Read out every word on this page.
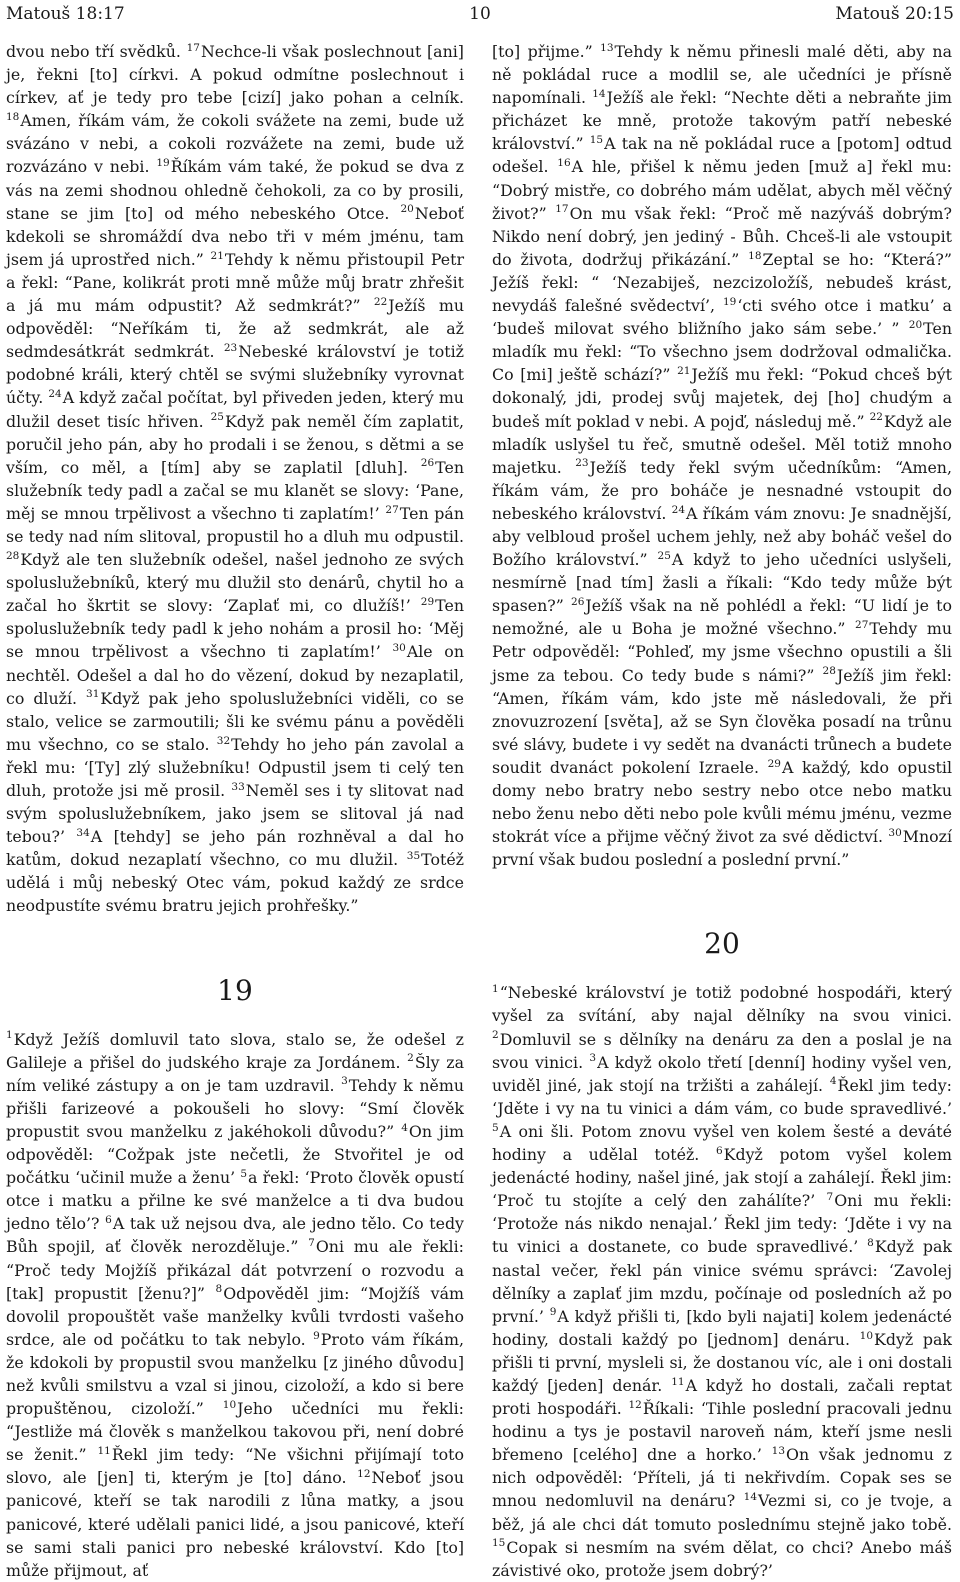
Matouš 18:17	10	Matouš 20:15

dvou nebo tří svědků. $^{17}$Nechce-li však poslechnout [ani] je, řekni [to] církvi. A pokud odmítne poslechnout i církev, ať je tedy pro tebe [cizí] jako pohan a celník. $^{18}$Amen, říkám vám, že cokoli svážete na zemi, bude už svázáno v nebi, a cokoli rozvážete na zemi, bude už rozvázáno v nebi. $^{19}$Říkám vám také, že pokud se dva z vás na zemi shodnou ohledně čehokoli, za co by prosili, stane se jim [to] od mého nebeského Otce. $^{20}$Neboť kdekoli se shromáždí dva nebo tři v mém jménu, tam jsem já uprostřed nich.” $^{21}$Tehdy k němu přistoupil Petr a řekl: “Pane, kolikrát proti mně může můj bratr zhřešit a já mu mám odpustit? Až sedmkrát?” $^{22}$Ježíš mu odpověděl: “Neříkám ti, že až sedmkrát, ale až sedmdesátkrát sedmkrát. $^{23}$Nebeské království je totiž podobné králi, který chtěl se svými služebníky vyrovnat účty. $^{24}$A když začal počítat, byl přiveden jeden, který mu dlužil deset tisíc hřiven. $^{25}$Když pak neměl čím zaplatit, poručil jeho pán, aby ho prodali i se ženou, s dětmi a se vším, co měl, a [tím] aby se zaplatil [dluh]. $^{26}$Ten služebník tedy padl a začal se mu klanět se slovy: ‘Pane, měj se mnou trpělivost a všechno ti zaplatím!’ $^{27}$Ten pán se tedy nad ním slitoval, propustil ho a dluh mu odpustil. $^{28}$Když ale ten služebník odešel, našel jednoho ze svých spoluslužebníků, který mu dlužil sto denárů, chytil ho a začal ho škrtit se slovy: ‘Zaplať mi, co dlužíš!’ $^{29}$Ten spoluslužebník tedy padl k jeho nohám a prosil ho: ‘Měj se mnou trpělivost a všechno ti zaplatím!’ $^{30}$Ale on nechtěl. Odešel a dal ho do vězení, dokud by nezaplatil, co dluží. $^{31}$Když pak jeho spoluslužebníci viděli, co se stalo, velice se zarmoutili; šli ke svému pánu a pověděli mu všechno, co se stalo. $^{32}$Tehdy ho jeho pán zavolal a řekl mu: ‘[Ty] zlý služebníku! Odpustil jsem ti celý ten dluh, protože jsi mě prosil. $^{33}$Neměl ses i ty slitovat nad svým spoluslužebníkem, jako jsem se slitoval já nad tebou?’ $^{34}$A [tehdy] se jeho pán rozhněval a dal ho katům, dokud nezaplatí všechno, co mu dlužil. $^{35}$Totéž udělá i můj nebeský Otec vám, pokud každý ze srdce neodpustíte svému bratru jejich prohřešky.”

19

$^1$Když Ježíš domluvil tato slova, stalo se, že odešel z Galileje a přišel do judského kraje za Jordánem. $^2$Šly za ním veliké zástupy a on je tam uzdravil. $^3$Tehdy k němu přišli farizeové a pokoušeli ho slovy: “Smí člověk propustit svou manželku z jakéhokoli důvodu?” $^4$On jim odpověděl: “Cožpak jste nečetli, že Stvořitel je od počátku ‘učinil muže a ženu’ $^5$a řekl: ‘Proto člověk opustí otce i matku a přilne ke své manželce a ti dva budou jedno tělo’? $^6$A tak už nejsou dva, ale jedno tělo. Co tedy Bůh spojil, ať člověk nerozděluje.” $^7$Oni mu ale řekli: “Proč tedy Mojžíš přikázal dát potvrzení o rozvodu a [tak] propustit [ženu?]” $^8$Odpověděl jim: “Mojžíš vám dovolil propouštět vaše manželky kvůli tvrdosti vašeho srdce, ale od počátku to tak nebylo. $^9$Proto vám říkám, že kdokoli by propustil svou manželku [z jiného důvodu] než kvůli smilstvu a vzal si jinou, cizoloží, a kdo si bere propuštěnou, cizoloží.” $^{10}$Jeho učedníci mu řekli: “Jestliže má člověk s manželkou takovou při, není dobré se ženit.” $^{11}$Řekl jim tedy: “Ne všichni přijímají toto slovo, ale [jen] ti, kterým je [to] dáno. $^{12}$Neboť jsou panicové, kteří se tak narodili z lůna matky, a jsou panicové, které udělali panici lidé, a jsou panicové, kteří se sami stali panici pro nebeské království. Kdo [to] může přijmout, ať

[to] přijme.” $^{13}$Tehdy k němu přinesli malé děti, aby na ně pokládal ruce a modlil se, ale učedníci je přísně napomínali. $^{14}$Ježíš ale řekl: “Nechte děti a nebraňte jim přicházet ke mně, protože takovým patří nebeské království.” $^{15}$A tak na ně pokládal ruce a [potom] odtud odešel. $^{16}$A hle, přišel k němu jeden [muž a] řekl mu: “Dobrý mistře, co dobrého mám udělat, abych měl věčný život?” $^{17}$On mu však řekl: “Proč mě nazýváš dobrým? Nikdo není dobrý, jen jediný - Bůh. Chceš-li ale vstoupit do života, dodržuj přikázání.” $^{18}$Zeptal se ho: “Která?” Ježíš řekl: “ ‘Nezabiješ, nezcizoložíš, nebudeš krást, nevydáš falešné svědectví’, $^{19}$‘cti svého otce i matku’ a ‘budeš milovat svého bližního jako sám sebe.’ ” $^{20}$Ten mladík mu řekl: “To všechno jsem dodržoval odmalička. Co [mi] ještě schází?” $^{21}$Ježíš mu řekl: “Pokud chceš být dokonalý, jdi, prodej svůj majetek, dej [ho] chudým a budeš mít poklad v nebi. A pojď, následuj mě.” $^{22}$Když ale mladík uslyšel tu řeč, smutně odešel. Měl totiž mnoho majetku. $^{23}$Ježíš tedy řekl svým učedníkům: “Amen, říkám vám, že pro boháče je nesnadné vstoupit do nebeského království. $^{24}$A říkám vám znovu: Je snadnější, aby velbloud prošel uchem jehly, než aby boháč vešel do Božího království.” $^{25}$A když to jeho učedníci uslyšeli, nesmírně [nad tím] žasli a říkali: “Kdo tedy může být spasen?” $^{26}$Ježíš však na ně pohlédl a řekl: “U lidí je to nemožné, ale u Boha je možné všechno.” $^{27}$Tehdy mu Petr odpověděl: “Pohleď, my jsme všechno opustili a šli jsme za tebou. Co tedy bude s námi?” $^{28}$Ježíš jim řekl: “Amen, říkám vám, kdo jste mě následovali, že při znovuzrození [světa], až se Syn člověka posadí na trůnu své slávy, budete i vy sedět na dvanácti trůnech a budete soudit dvanáct pokolení Izraele. $^{29}$A každý, kdo opustil domy nebo bratry nebo sestry nebo otce nebo matku nebo ženu nebo děti nebo pole kvůli mému jménu, vezme stokrát více a přijme věčný život za své dědictví. $^{30}$Mnozí první však budou poslední a poslední první.”

20

$^1$“Nebeské království je totiž podobné hospodáři, který vyšel za svítání, aby najal dělníky na svou vinici. $^2$Domluvil se s dělníky na denáru za den a poslal je na svou vinici. $^3$A když okolo třetí [denní] hodiny vyšel ven, uviděl jiné, jak stojí na tržišti a zahálejí. $^4$Řekl jim tedy: ‘Jděte i vy na tu vinici a dám vám, co bude spravedlivé.’ $^5$A oni šli. Potom znovu vyšel ven kolem šesté a deváté hodiny a udělal totéž. $^6$Když potom vyšel kolem jedenácté hodiny, našel jiné, jak stojí a zahálejí. Řekl jim: ‘Proč tu stojíte a celý den zahálíte?’ $^7$Oni mu řekli: ‘Protože nás nikdo nenajal.’ Řekl jim tedy: ‘Jděte i vy na tu vinici a dostanete, co bude spravedlivé.’ $^8$Když pak nastal večer, řekl pán vinice svému správci: ‘Zavolej dělníky a zaplať jim mzdu, počínaje od posledních až po první.’ $^9$A když přišli ti, [kdo byli najati] kolem jedenácté hodiny, dostali každý po [jednom] denáru. $^{10}$Když pak přišli ti první, mysleli si, že dostanou víc, ale i oni dostali každý [jeden] denár. $^{11}$A když ho dostali, začali reptat proti hospodáři. $^{12}$Říkali: ‘Tihle poslední pracovali jednu hodinu a tys je postavil naroveň nám, kteří jsme nesli břemeno [celého] dne a horko.’ $^{13}$On však jednomu z nich odpověděl: ‘Příteli, já ti nekřivdím. Copak ses se mnou nedomluvil na denáru? $^{14}$Vezmi si, co je tvoje, a běž, já ale chci dát tomuto poslednímu stejně jako tobě. $^{15}$Copak si nesmím na svém dělat, co chci? Anebo máš závistivé oko, protože jsem dobrý?’
